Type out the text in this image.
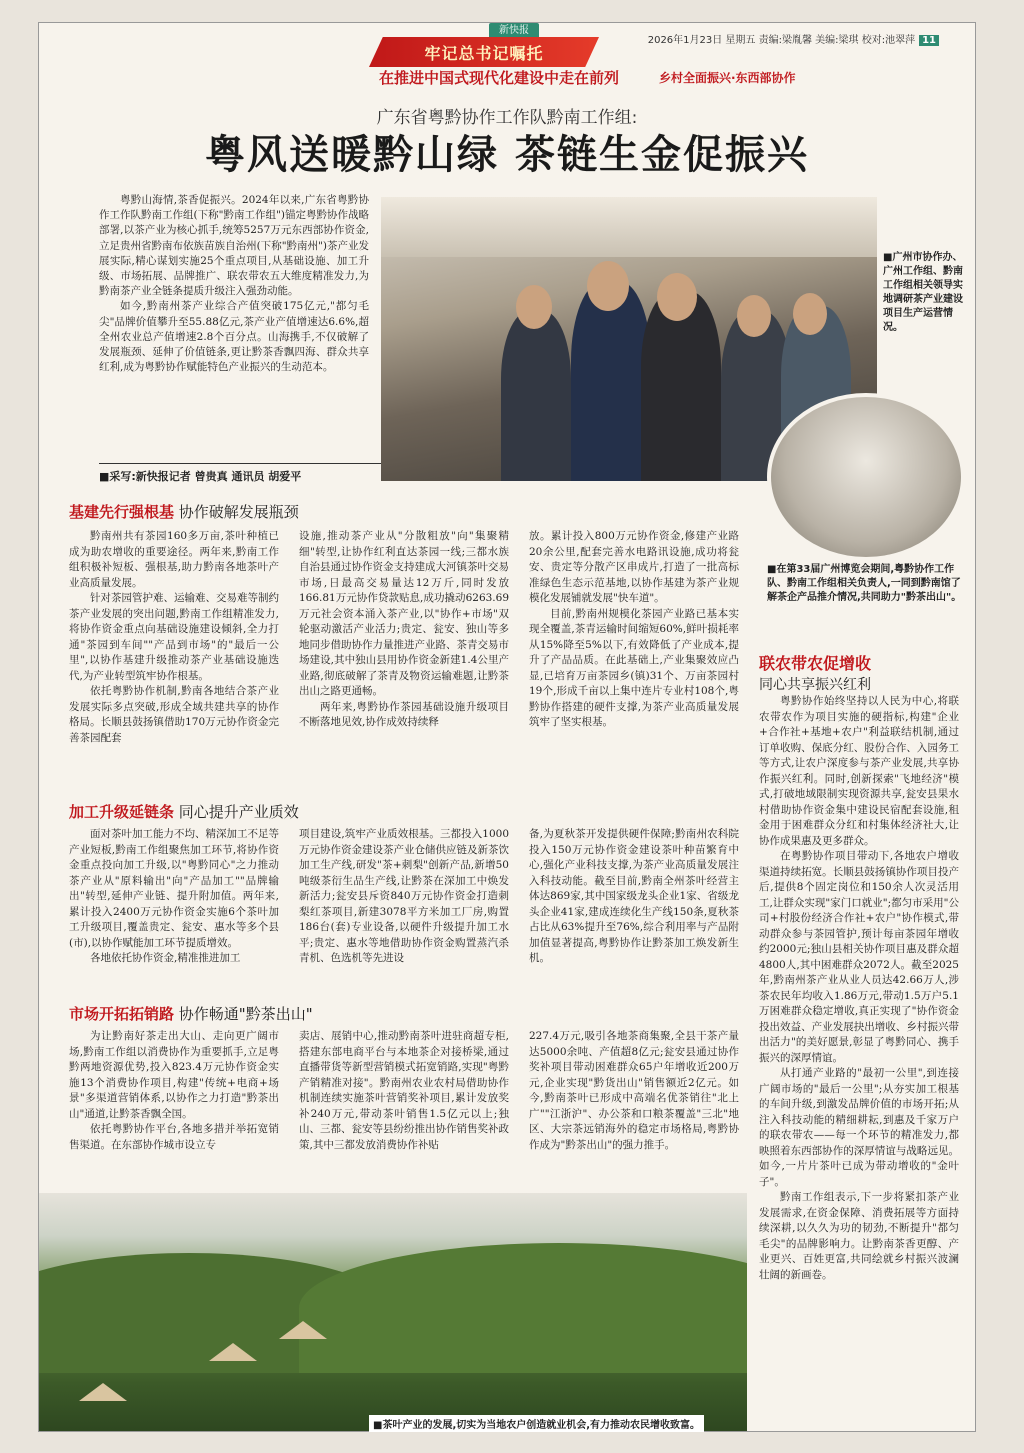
新快报
牢记总书记嘱托
在推进中国式现代化建设中走在前列	乡村全面振兴·东西部协作
2026年1月23日 星期五 责编:梁胤馨 美编:梁琪 校对:池翠萍 11
广东省粤黔协作工作队黔南工作组:
粤风送暖黔山绿 茶链生金促振兴

粤黔山海情,茶香促振兴。2024年以来,广东省粤黔协作工作队黔南工作组(下称"黔南工作组")锚定粤黔协作战略部署,以茶产业为核心抓手,统筹5257万元东西部协作资金,立足贵州省黔南布依族苗族自治州(下称"黔南州")茶产业发展实际,精心谋划实施25个重点项目,从基础设施、加工升级、市场拓展、品牌推广、联农带农五大维度精准发力,为黔南茶产业全链条提质升级注入强劲动能。

如今,黔南州茶产业综合产值突破175亿元,"都匀毛尖"品牌价值攀升至55.88亿元,茶产业产值增速达6.6%,超全州农业总产值增速2.8个百分点。山海携手,不仅破解了发展瓶颈、延伸了价值链条,更让黔茶香飘四海、群众共享红利,成为粤黔协作赋能特色产业振兴的生动范本。

■采写:新快报记者 曾贵真 通讯员 胡爱平
■广州市协作办、广州工作组、黔南工作组相关领导实地调研茶产业建设项目生产运营情况。
■在第33届广州博览会期间,粤黔协作工作队、黔南工作组相关负责人,一同到黔南馆了解茶企产品推介情况,共同助力"黔茶出山"。
基建先行强根基 协作破解发展瓶颈

黔南州共有茶园160多万亩,茶叶种植已成为助农增收的重要途径。两年来,黔南工作组积极补短板、强根基,助力黔南各地茶叶产业高质量发展。

针对茶园管护难、运输难、交易难等制约茶产业发展的突出问题,黔南工作组精准发力,将协作资金重点向基础设施建设倾斜,全力打通"茶园到车间""产品到市场"的"最后一公里",以协作基建升级推动茶产业基础设施迭代,为产业转型筑牢协作根基。

依托粤黔协作机制,黔南各地结合茶产业发展实际多点突破,形成全域共建共享的协作格局。长顺县鼓扬镇借助170万元协作资金完善茶园配套

设施,推动茶产业从"分散粗放"向"集聚精细"转型,让协作红利直达茶园一线;三都水族自治县通过协作资金支持建成大河镇茶叶交易市场,日最高交易量达12万斤,同时发放166.81万元协作贷款贴息,成功撬动6263.69万元社会资本涌入茶产业,以"协作+市场"双轮驱动激活产业活力;贵定、瓮安、独山等多地同步借助协作力量推进产业路、茶青交易市场建设,其中独山县用协作资金新建1.4公里产业路,彻底破解了茶青及物资运输难题,让黔茶出山之路更通畅。

两年来,粤黔协作茶园基础设施升级项目不断落地见效,协作成效持续释

放。累计投入800万元协作资金,修建产业路20余公里,配套完善水电路讯设施,成功将瓮安、贵定等分散产区串成片,打造了一批高标准绿色生态示范基地,以协作基建为茶产业规模化发展铺就发展"快车道"。

目前,黔南州规模化茶园产业路已基本实现全覆盖,茶青运输时间缩短60%,鲜叶损耗率从15%降至5%以下,有效降低了产业成本,提升了产品品质。在此基础上,产业集聚效应凸显,已培育万亩茶园乡(镇)31个、万亩茶园村19个,形成千亩以上集中连片专业村108个,粤黔协作搭建的硬件支撑,为茶产业高质量发展筑牢了坚实根基。

加工升级延链条 同心提升产业质效

面对茶叶加工能力不均、精深加工不足等产业短板,黔南工作组聚焦加工环节,将协作资金重点投向加工升级,以"粤黔同心"之力推动茶产业从"原料输出"向"产品加工""品牌输出"转型,延伸产业链、提升附加值。两年来,累计投入2400万元协作资金实施6个茶叶加工升级项目,覆盖贵定、瓮安、惠水等多个县(市),以协作赋能加工环节提质增效。

各地依托协作资金,精准推进加工

项目建设,筑牢产业质效根基。三都投入1000万元协作资金建设茶产业仓储供应链及新茶饮加工生产线,研发"茶+刺梨"创新产品,新增50吨级茶衍生品生产线,让黔茶在深加工中焕发新活力;瓮安县斥资840万元协作资金打造刺梨红茶项目,新建3078平方米加工厂房,购置186台(套)专业设备,以硬件升级提升加工水平;贵定、惠水等地借助协作资金购置蒸汽杀青机、色选机等先进设

备,为夏秋茶开发提供硬件保障;黔南州农科院投入150万元协作资金建设茶叶种苗繁育中心,强化产业科技支撑,为茶产业高质量发展注入科技动能。截至目前,黔南全州茶叶经营主体达869家,其中国家级龙头企业1家、省级龙头企业41家,建成连续化生产线150条,夏秋茶占比从63%提升至76%,综合利用率与产品附加值显著提高,粤黔协作让黔茶加工焕发新生机。

市场开拓拓销路 协作畅通"黔茶出山"

为让黔南好茶走出大山、走向更广阔市场,黔南工作组以消费协作为重要抓手,立足粤黔两地资源优势,投入823.4万元协作资金实施13个消费协作项目,构建"传统+电商+场景"多渠道营销体系,以协作之力打造"黔茶出山"通道,让黔茶香飘全国。

依托粤黔协作平台,各地多措并举拓宽销售渠道。在东部协作城市设立专

卖店、展销中心,推动黔南茶叶进驻商超专柜,搭建东部电商平台与本地茶企对接桥梁,通过直播带货等新型营销模式拓宽销路,实现"粤黔产销精准对接"。黔南州农业农村局借助协作机制连续实施茶叶营销奖补项目,累计发放奖补240万元,带动茶叶销售1.5亿元以上;独山、三都、瓮安等县纷纷推出协作销售奖补政策,其中三都发放消费协作补贴

227.4万元,吸引各地茶商集聚,全县干茶产量达5000余吨、产值超8亿元;瓮安县通过协作奖补项目带动困难群众65户年增收近200万元,企业实现"黔货出山"销售额近2亿元。如今,黔南茶叶已形成中高端名优茶销往"北上广""江浙沪"、办公茶和口粮茶覆盖"三北"地区、大宗茶远销海外的稳定市场格局,粤黔协作成为"黔茶出山"的强力推手。

联农带农促增收
同心共享振兴红利

粤黔协作始终坚持以人民为中心,将联农带农作为项目实施的硬指标,构建"企业+合作社+基地+农户"利益联结机制,通过订单收购、保底分红、股份合作、入园务工等方式,让农户深度参与茶产业发展,共享协作振兴红利。同时,创新探索"飞地经济"模式,打破地域限制实现资源共享,瓮安县果水村借助协作资金集中建设民宿配套设施,租金用于困难群众分红和村集体经济社大,让协作成果惠及更多群众。

在粤黔协作项目带动下,各地农户增收渠道持续拓宽。长顺县鼓扬镇协作项目投产后,提供8个固定岗位和150余人次灵活用工,让群众实现"家门口就业";都匀市采用"公司+村股份经济合作社+农户"协作模式,带动群众参与茶园管护,预计每亩茶园年增收约2000元;独山县相关协作项目惠及群众超4800人,其中困难群众2072人。截至2025年,黔南州茶产业从业人员达42.66万人,涉茶农民年均收入1.86万元,带动1.5万户5.1万困难群众稳定增收,真正实现了"协作资金投出效益、产业发展抉出增收、乡村振兴带出活力"的美好愿景,彰显了粤黔同心、携手振兴的深厚情谊。

从打通产业路的"最初一公里",到连接广阔市场的"最后一公里";从夯实加工根基的车间升级,到激发品牌价值的市场开拓;从注入科技动能的精细耕耘,到惠及千家万户的联农带农——每一个环节的精准发力,都映照着东西部协作的深厚情谊与战略远见。如今,一片片茶叶已成为带动增收的"金叶子"。

黔南工作组表示,下一步将紧扣茶产业发展需求,在资金保障、消费拓展等方面持续深耕,以久久为功的韧劲,不断提升"都匀毛尖"的品牌影响力。让黔南茶香更醇、产业更兴、百姓更富,共同绘就乡村振兴波澜壮阔的新画卷。

■茶叶产业的发展,切实为当地农户创造就业机会,有力推动农民增收致富。
